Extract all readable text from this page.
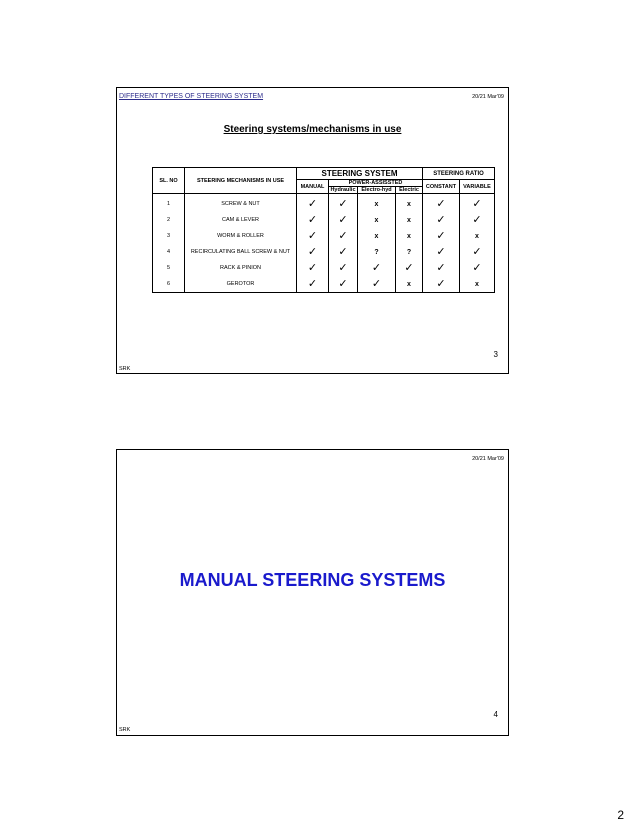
DIFFERENT TYPES OF STEERING SYSTEM	20/21 Mar'09
Steering systems/mechanisms in use
SL. NO	STEERING MECHANISMS IN USE	STEERING SYSTEM				STEERING RATIO	
		MANUAL	POWER-ASSISSTED			CONSTANT	VARIABLE
			Hydraulic	Electro-hyd	Electric		
1	SCREW & NUT	✓	✓	x	x	✓	✓
2	CAM & LEVER	✓	✓	x	x	✓	✓
3	WORM & ROLLER	✓	✓	x	x	✓	x
4	RECIRCULATING BALL SCREW & NUT	✓	✓	?	?	✓	✓
5	RACK & PINION	✓	✓	✓	✓	✓	✓
6	GEROTOR	✓	✓	✓	x	✓	x
3
SRK
20/21 Mar'09
MANUAL STEERING SYSTEMS
4
SRK
2
